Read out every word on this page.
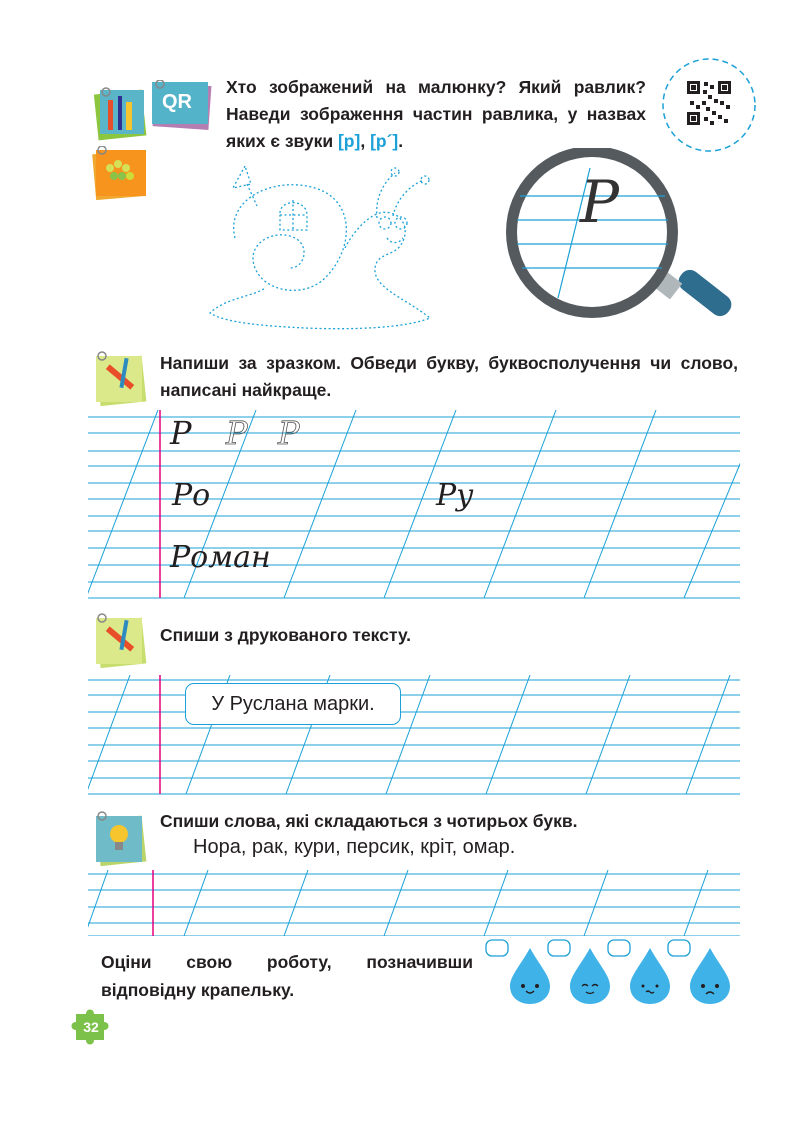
QR
Хто зображений на малюнку? Який равлик? Наведи зображення частин равлика, у назвах яких є звуки [р], [р´].
Р
Напиши за зразком. Обведи букву, буквосполучення чи слово, написані найкраще.
Р Р Р
Ро	Ру
Роман
Спиши з друкованого тексту.
У Руслана марки.
Спиши слова, які складаються з чотирьох букв.
Нора, рак, кури, персик, кріт, омар.
Оціни свою роботу, позначивши відповідну крапельку.
32
